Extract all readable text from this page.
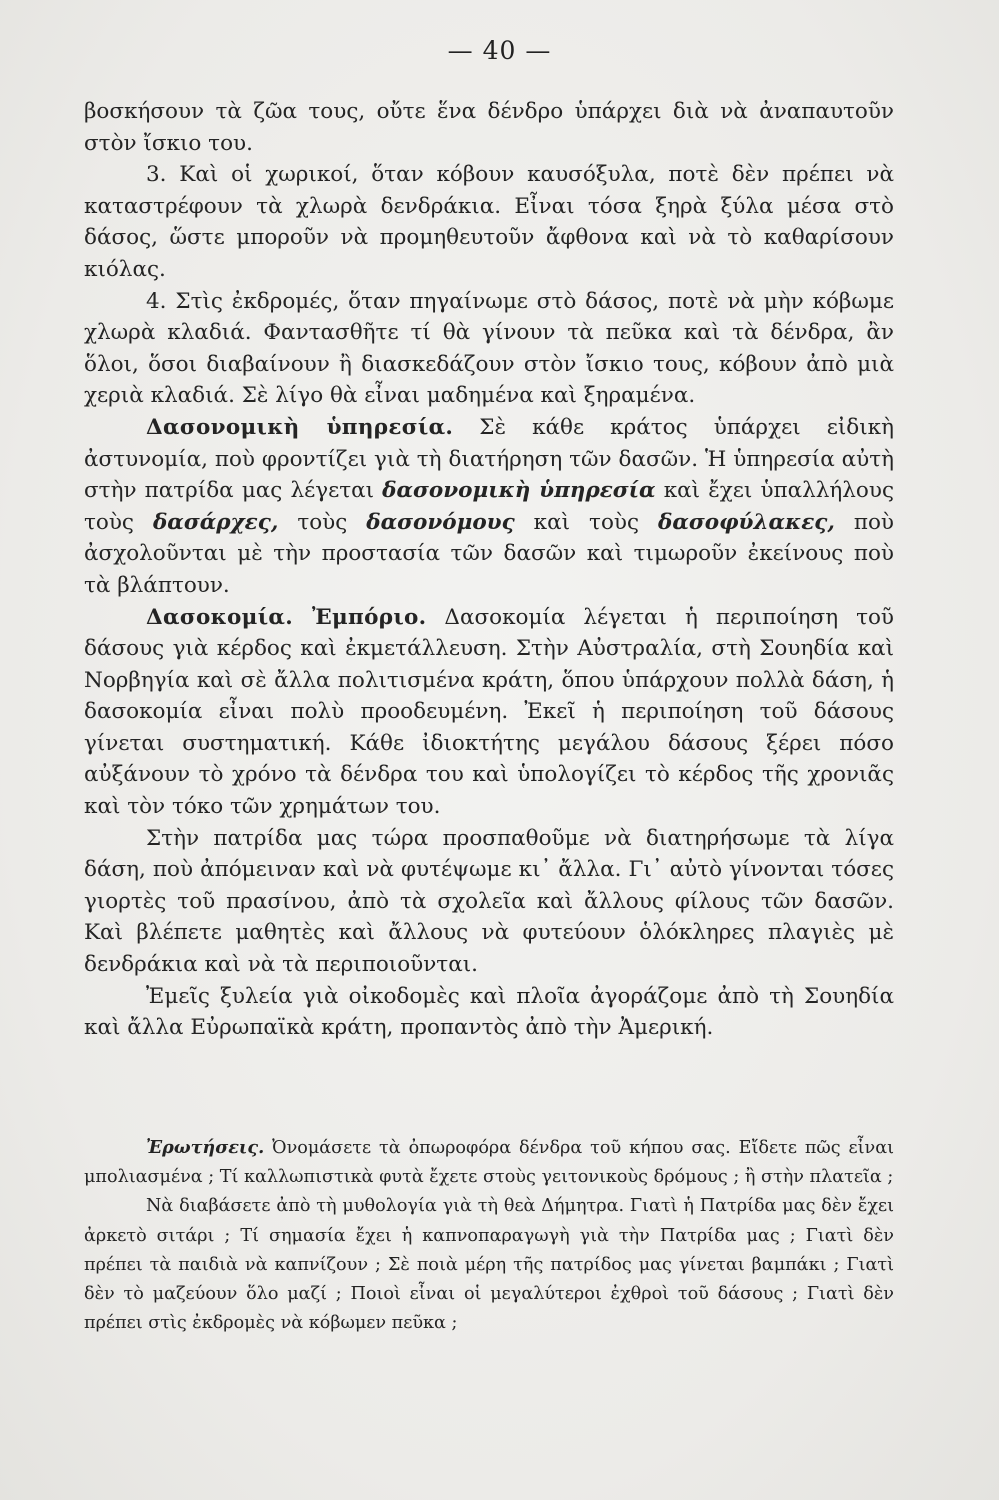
— 40 —

βοσκήσουν τὰ ζῶα τους, οὔτε ἕνα δένδρο ὑπάρχει διὰ νὰ ἀναπαυτοῦν στὸν ἴσκιο του.

3. Καὶ οἱ χωρικοί, ὅταν κόβουν καυσόξυλα, ποτὲ δὲν πρέπει νὰ καταστρέφουν τὰ χλωρὰ δενδράκια. Εἶναι τόσα ξηρὰ ξύλα μέσα στὸ δάσος, ὥστε μποροῦν νὰ προμηθευτοῦν ἄφθονα καὶ νὰ τὸ καθαρίσουν κιόλας.

4. Στὶς ἐκδρομές, ὅταν πηγαίνωμε στὸ δάσος, ποτὲ νὰ μὴν κόβωμε χλωρὰ κλαδιά. Φαντασθῆτε τί θὰ γίνουν τὰ πεῦκα καὶ τὰ δένδρα, ἂν ὅλοι, ὅσοι διαβαίνουν ἢ διασκεδάζουν στὸν ἴσκιο τους, κόβουν ἀπὸ μιὰ χεριὰ κλαδιά. Σὲ λίγο θὰ εἶναι μαδημένα καὶ ξηραμένα.

Δασονομικὴ ὑπηρεσία. Σὲ κάθε κράτος ὑπάρχει εἰδικὴ ἀστυνομία, ποὺ φροντίζει γιὰ τὴ διατήρηση τῶν δασῶν. Ἡ ὑπηρεσία αὐτὴ στὴν πατρίδα μας λέγεται δασονομικὴ ὑπηρεσία καὶ ἔχει ὑπαλλήλους τοὺς δασάρχες, τοὺς δασονόμους καὶ τοὺς δασοφύλακες, ποὺ ἀσχολοῦνται μὲ τὴν προστασία τῶν δασῶν καὶ τιμωροῦν ἐκείνους ποὺ τὰ βλάπτουν.

Δασοκομία. Ἐμπόριο. Δασοκομία λέγεται ἡ περιποίηση τοῦ δάσους γιὰ κέρδος καὶ ἐκμετάλλευση. Στὴν Αὐστραλία, στὴ Σουηδία καὶ Νορβηγία καὶ σὲ ἄλλα πολιτισμένα κράτη, ὅπου ὑπάρχουν πολλὰ δάση, ἡ δασοκομία εἶναι πολὺ προοδευμένη. Ἐκεῖ ἡ περιποίηση τοῦ δάσους γίνεται συστηματική. Κάθε ἰδιοκτήτης μεγάλου δάσους ξέρει πόσο αὐξάνουν τὸ χρόνο τὰ δένδρα του καὶ ὑπολογίζει τὸ κέρδος τῆς χρονιᾶς καὶ τὸν τόκο τῶν χρημάτων του.

Στὴν πατρίδα μας τώρα προσπαθοῦμε νὰ διατηρήσωμε τὰ λίγα δάση, ποὺ ἀπόμειναν καὶ νὰ φυτέψωμε κι᾿ ἄλλα. Γι᾿ αὐτὸ γίνονται τόσες γιορτὲς τοῦ πρασίνου, ἀπὸ τὰ σχολεῖα καὶ ἄλλους φίλους τῶν δασῶν. Καὶ βλέπετε μαθητὲς καὶ ἄλλους νὰ φυτεύουν ὁλόκληρες πλαγιὲς μὲ δενδράκια καὶ νὰ τὰ περιποιοῦνται.

Ἐμεῖς ξυλεία γιὰ οἰκοδομὲς καὶ πλοῖα ἀγοράζομε ἀπὸ τὴ Σουηδία καὶ ἄλλα Εὐρωπαϊκὰ κράτη, προπαντὸς ἀπὸ τὴν Ἀμερική.

Ἐρωτήσεις. Ὀνομάσετε τὰ ὀπωροφόρα δένδρα τοῦ κήπου σας. Εἴδετε πῶς εἶναι μπολιασμένα ; Τί καλλωπιστικὰ φυτὰ ἔχετε στοὺς γειτονικοὺς δρόμους ; ἢ στὴν πλατεῖα ;

Νὰ διαβάσετε ἀπὸ τὴ μυθολογία γιὰ τὴ θεὰ Δήμητρα. Γιατὶ ἡ Πατρίδα μας δὲν ἔχει ἀρκετὸ σιτάρι ; Τί σημασία ἔχει ἡ καπνοπαραγωγὴ γιὰ τὴν Πατρίδα μας ; Γιατὶ δὲν πρέπει τὰ παιδιὰ νὰ καπνίζουν ; Σὲ ποιὰ μέρη τῆς πατρίδος μας γίνεται βαμπάκι ; Γιατὶ δὲν τὸ μαζεύουν ὅλο μαζί ; Ποιοὶ εἶναι οἱ μεγαλύτεροι ἐχθροὶ τοῦ δάσους ; Γιατὶ δὲν πρέπει στὶς ἐκδρομὲς νὰ κόβωμεν πεῦκα ;
